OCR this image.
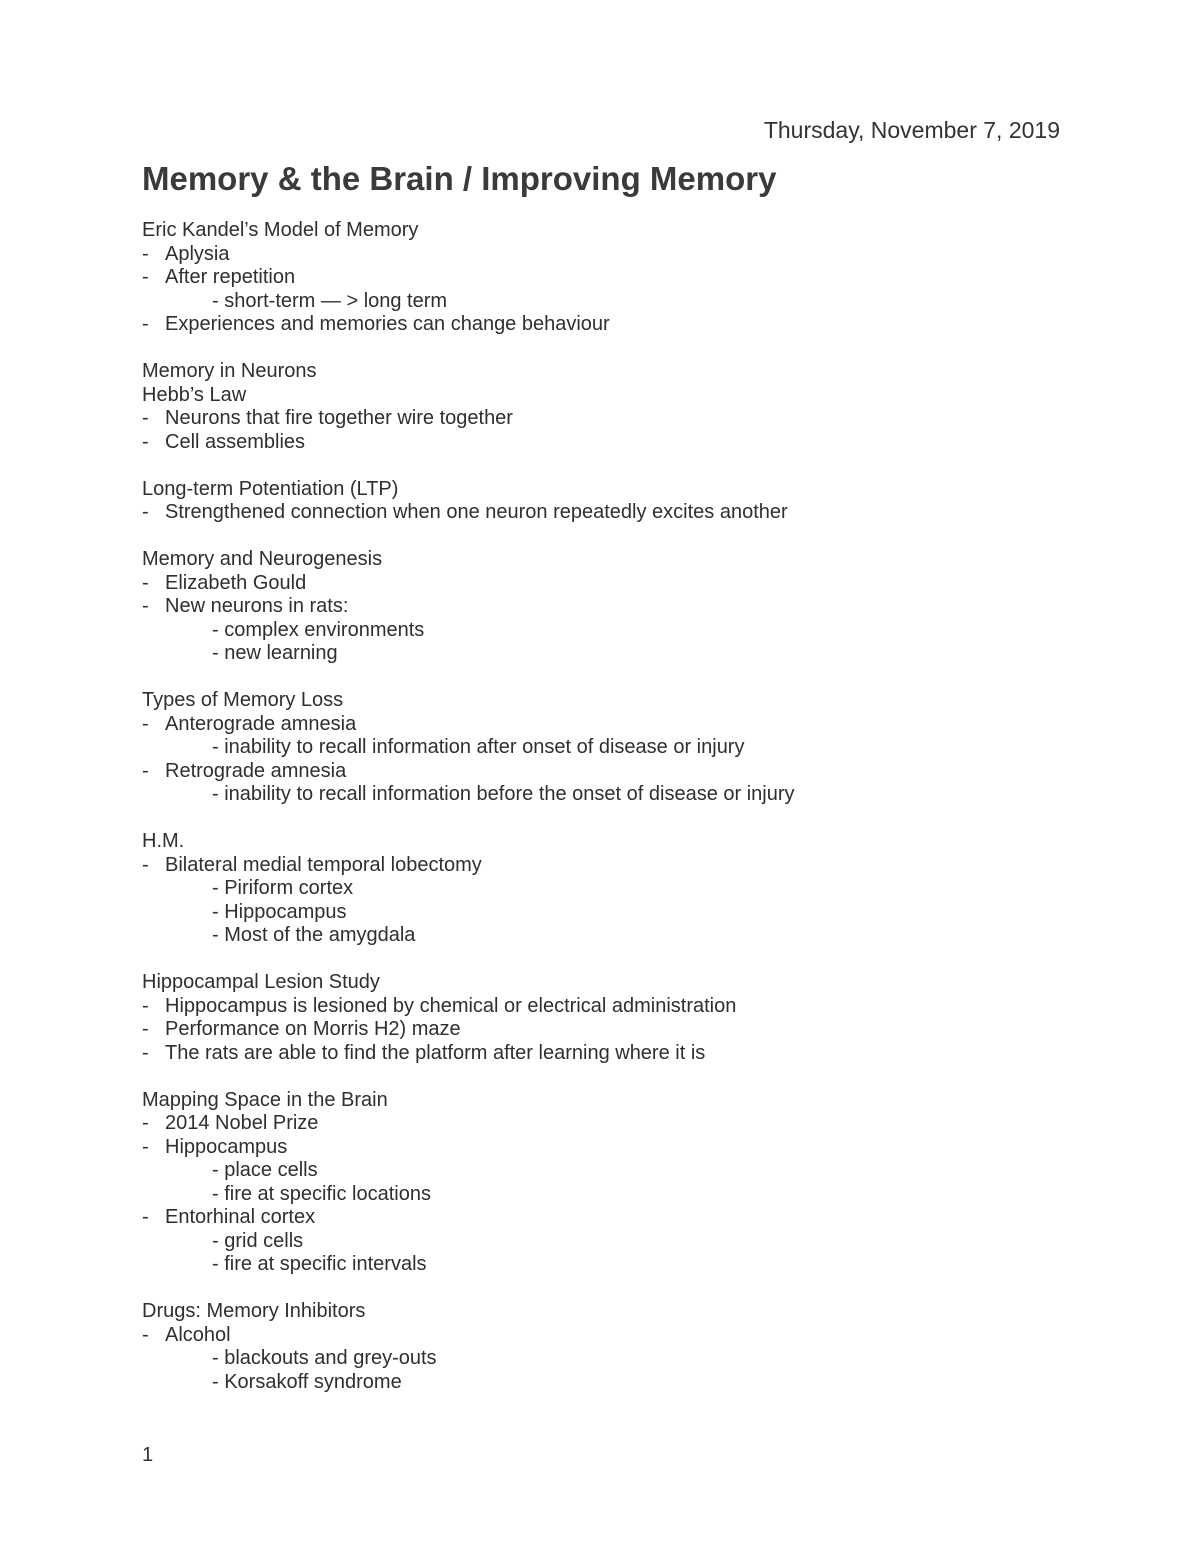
Thursday, November 7, 2019
Memory & the Brain / Improving Memory
Eric Kandel’s Model of Memory
- Aplysia
- After repetition
- short-term — > long term
- Experiences and memories can change behaviour
Memory in Neurons
Hebb’s Law
- Neurons that fire together wire together
- Cell assemblies
Long-term Potentiation (LTP)
- Strengthened connection when one neuron repeatedly excites another
Memory and Neurogenesis
- Elizabeth Gould
- New neurons in rats:
- complex environments
- new learning
Types of Memory Loss
- Anterograde amnesia
- inability to recall information after onset of disease or injury
- Retrograde amnesia
- inability to recall information before the onset of disease or injury
H.M.
- Bilateral medial temporal lobectomy
- Piriform cortex
- Hippocampus
- Most of the amygdala
Hippocampal Lesion Study
- Hippocampus is lesioned by chemical or electrical administration
- Performance on Morris H2) maze
- The rats are able to find the platform after learning where it is
Mapping Space in the Brain
- 2014 Nobel Prize
- Hippocampus
- place cells
- fire at specific locations
- Entorhinal cortex
- grid cells
- fire at specific intervals
Drugs: Memory Inhibitors
- Alcohol
- blackouts and grey-outs
- Korsakoff syndrome
1
